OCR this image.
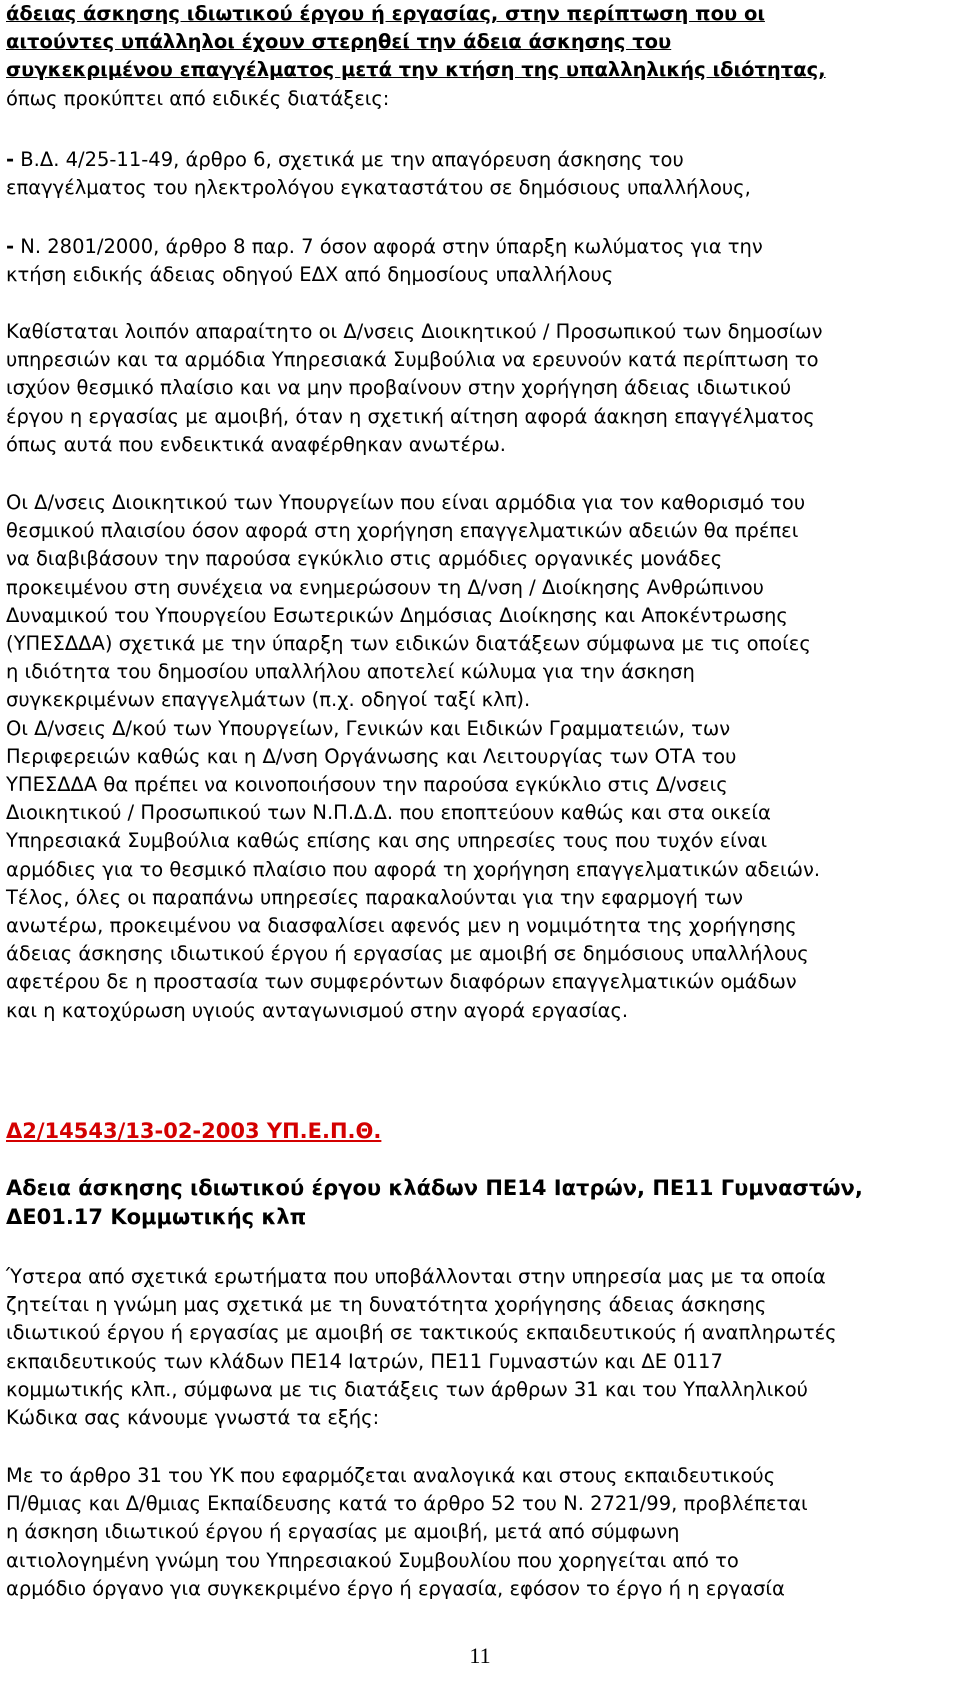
άδειας άσκησης ιδιωτικού έργου ή εργασίας, στην περίπτωση που οι
αιτούντες υπάλληλοι έχουν στερηθεί την άδεια άσκησης του
συγκεκριμένου επαγγέλματος μετά την κτήση της υπαλληλικής ιδιότητας,
όπως προκύπτει από ειδικές διατάξεις:
- Β.Δ. 4/25-11-49, άρθρο 6, σχετικά με την απαγόρευση άσκησης του
επαγγέλματος του ηλεκτρολόγου εγκαταστάτου σε δημόσιους υπαλλήλους,
- Ν. 2801/2000, άρθρο 8 παρ. 7 όσον αφορά στην ύπαρξη κωλύματος για την
κτήση ειδικής άδειας οδηγού ΕΔΧ από δημοσίους υπαλλήλους
Καθίσταται λοιπόν απαραίτητο οι Δ/νσεις Διοικητικού / Προσωπικού των δημοσίων
υπηρεσιών και τα αρμόδια Υπηρεσιακά Συμβούλια να ερευνούν κατά περίπτωση το
ισχύον θεσμικό πλαίσιο και να μην προβαίνουν στην χορήγηση άδειας ιδιωτικού
έργου η εργασίας με αμοιβή, όταν η σχετική αίτηση αφορά άακηση επαγγέλματος
όπως αυτά που ενδεικτικά αναφέρθηκαν ανωτέρω.
Οι Δ/νσεις Διοικητικού των Υπουργείων που είναι αρμόδια για τον καθορισμό του
θεσμικού πλαισίου όσον αφορά στη χορήγηση επαγγελματικών αδειών θα πρέπει
να διαβιβάσουν την παρούσα εγκύκλιο στις αρμόδιες οργανικές μονάδες
προκειμένου στη συνέχεια να ενημερώσουν τη Δ/νση / Διοίκησης Ανθρώπινου
Δυναμικού του Υπουργείου Εσωτερικών Δημόσιας Διοίκησης και Αποκέντρωσης
(ΥΠΕΣΔΔΑ) σχετικά με την ύπαρξη των ειδικών διατάξεων σύμφωνα με τις οποίες
η ιδιότητα του δημοσίου υπαλλήλου αποτελεί κώλυμα για την άσκηση
συγκεκριμένων επαγγελμάτων (π.χ. οδηγοί ταξί κλπ).
Οι Δ/νσεις Δ/κού των Υπουργείων, Γενικών και Ειδικών Γραμματειών, των
Περιφερειών καθώς και η Δ/νση Οργάνωσης και Λειτουργίας των ΟΤΑ του
ΥΠΕΣΔΔΑ θα πρέπει να κοινοποιήσουν την παρούσα εγκύκλιο στις Δ/νσεις
Διοικητικού / Προσωπικού των Ν.Π.Δ.Δ. που εποπτεύουν καθώς και στα οικεία
Υπηρεσιακά Συμβούλια καθώς επίσης και σης υπηρεσίες τους που τυχόν είναι
αρμόδιες για το θεσμικό πλαίσιο που αφορά τη χορήγηση επαγγελματικών αδειών.
Τέλος, όλες οι παραπάνω υπηρεσίες παρακαλούνται για την εφαρμογή των
ανωτέρω, προκειμένου να διασφαλίσει αφενός μεν η νομιμότητα της χορήγησης
άδειας άσκησης ιδιωτικού έργου ή εργασίας με αμοιβή σε δημόσιους υπαλλήλους
αφετέρου δε η προστασία των συμφερόντων διαφόρων επαγγελματικών ομάδων
και η κατοχύρωση υγιούς ανταγωνισμού στην αγορά εργασίας.
Δ2/14543/13-02-2003 ΥΠ.Ε.Π.Θ.
Αδεια άσκησης ιδιωτικού έργου κλάδων ΠΕ14 Ιατρών, ΠΕ11 Γυμναστών,
ΔΕ01.17 Κομμωτικής κλπ
Ύστερα από σχετικά ερωτήματα που υποβάλλονται στην υπηρεσία μας με τα οποία
ζητείται η γνώμη μας σχετικά με τη δυνατότητα χορήγησης άδειας άσκησης
ιδιωτικού έργου ή εργασίας με αμοιβή σε τακτικούς εκπαιδευτικούς ή αναπληρωτές
εκπαιδευτικούς των κλάδων ΠΕ14 Ιατρών, ΠΕ11 Γυμναστών και ΔΕ 0117
κομμωτικής κλπ., σύμφωνα με τις διατάξεις των άρθρων 31 και του Υπαλληλικού
Κώδικα σας κάνουμε γνωστά τα εξής:
Με το άρθρο 31 του ΥΚ που εφαρμόζεται αναλογικά και στους εκπαιδευτικούς
Π/θμιας και Δ/θμιας Εκπαίδευσης κατά το άρθρο 52 του Ν. 2721/99, προβλέπεται
η άσκηση ιδιωτικού έργου ή εργασίας με αμοιβή, μετά από σύμφωνη
αιτιολογημένη γνώμη του Υπηρεσιακού Συμβουλίου που χορηγείται από το
αρμόδιο όργανο για συγκεκριμένο έργο ή εργασία, εφόσον το έργο ή η εργασία
11
